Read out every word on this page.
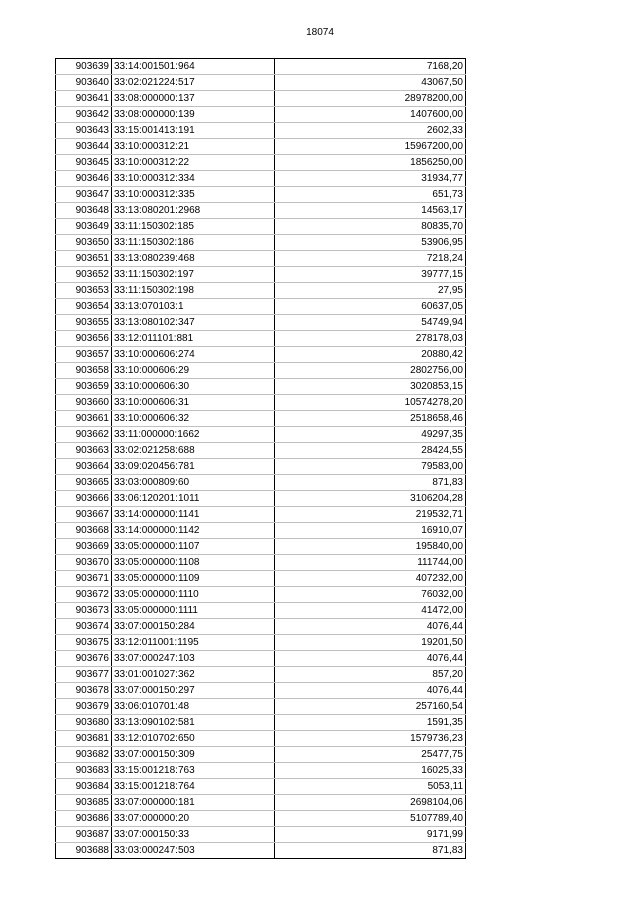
18074
903639	33:14:001501:964	7168,20
903640	33:02:021224:517	43067,50
903641	33:08:000000:137	28978200,00
903642	33:08:000000:139	1407600,00
903643	33:15:001413:191	2602,33
903644	33:10:000312:21	15967200,00
903645	33:10:000312:22	1856250,00
903646	33:10:000312:334	31934,77
903647	33:10:000312:335	651,73
903648	33:13:080201:2968	14563,17
903649	33:11:150302:185	80835,70
903650	33:11:150302:186	53906,95
903651	33:13:080239:468	7218,24
903652	33:11:150302:197	39777,15
903653	33:11:150302:198	27,95
903654	33:13:070103:1	60637,05
903655	33:13:080102:347	54749,94
903656	33:12:011101:881	278178,03
903657	33:10:000606:274	20880,42
903658	33:10:000606:29	2802756,00
903659	33:10:000606:30	3020853,15
903660	33:10:000606:31	10574278,20
903661	33:10:000606:32	2518658,46
903662	33:11:000000:1662	49297,35
903663	33:02:021258:688	28424,55
903664	33:09:020456:781	79583,00
903665	33:03:000809:60	871,83
903666	33:06:120201:1011	3106204,28
903667	33:14:000000:1141	219532,71
903668	33:14:000000:1142	16910,07
903669	33:05:000000:1107	195840,00
903670	33:05:000000:1108	111744,00
903671	33:05:000000:1109	407232,00
903672	33:05:000000:1110	76032,00
903673	33:05:000000:1111	41472,00
903674	33:07:000150:284	4076,44
903675	33:12:011001:1195	19201,50
903676	33:07:000247:103	4076,44
903677	33:01:001027:362	857,20
903678	33:07:000150:297	4076,44
903679	33:06:010701:48	257160,54
903680	33:13:090102:581	1591,35
903681	33:12:010702:650	1579736,23
903682	33:07:000150:309	25477,75
903683	33:15:001218:763	16025,33
903684	33:15:001218:764	5053,11
903685	33:07:000000:181	2698104,06
903686	33:07:000000:20	5107789,40
903687	33:07:000150:33	9171,99
903688	33:03:000247:503	871,83
